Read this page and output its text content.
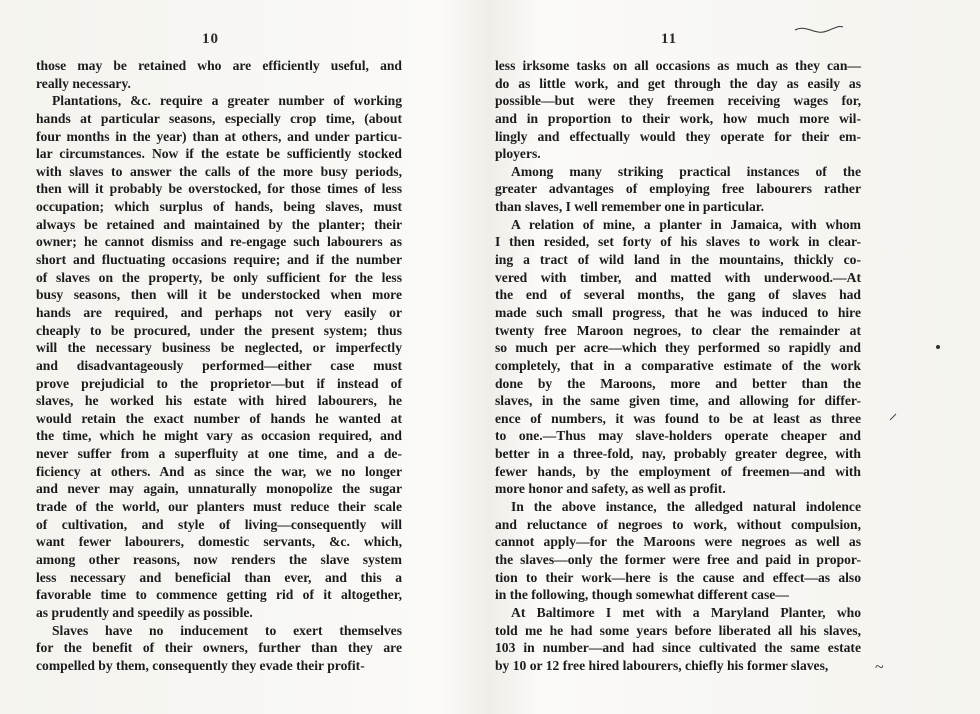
10
those may be retained who are efficiently useful, and
really necessary.
Plantations, &c. require a greater number of working
hands at particular seasons, especially crop time, (about
four months in the year) than at others, and under particu-
lar circumstances. Now if the estate be sufficiently stocked
with slaves to answer the calls of the more busy periods,
then will it probably be overstocked, for those times of less
occupation; which surplus of hands, being slaves, must
always be retained and maintained by the planter; their
owner; he cannot dismiss and re-engage such labourers as
short and fluctuating occasions require; and if the number
of slaves on the property, be only sufficient for the less
busy seasons, then will it be understocked when more
hands are required, and perhaps not very easily or
cheaply to be procured, under the present system; thus
will the necessary business be neglected, or imperfectly
and disadvantageously performed—either case must
prove prejudicial to the proprietor—but if instead of
slaves, he worked his estate with hired labourers, he
would retain the exact number of hands he wanted at
the time, which he might vary as occasion required, and
never suffer from a superfluity at one time, and a de-
ficiency at others. And as since the war, we no longer
and never may again, unnaturally monopolize the sugar
trade of the world, our planters must reduce their scale
of cultivation, and style of living—consequently will
want fewer labourers, domestic servants, &c. which,
among other reasons, now renders the slave system
less necessary and beneficial than ever, and this a
favorable time to commence getting rid of it altogether,
as prudently and speedily as possible.
Slaves have no inducement to exert themselves
for the benefit of their owners, further than they are
compelled by them, consequently they evade their profit-
11
less irksome tasks on all occasions as much as they can—
do as little work, and get through the day as easily as
possible—but were they freemen receiving wages for,
and in proportion to their work, how much more wil-
lingly and effectually would they operate for their em-
ployers.
Among many striking practical instances of the
greater advantages of employing free labourers rather
than slaves, I well remember one in particular.
A relation of mine, a planter in Jamaica, with whom
I then resided, set forty of his slaves to work in clear-
ing a tract of wild land in the mountains, thickly co-
vered with timber, and matted with underwood.—At
the end of several months, the gang of slaves had
made such small progress, that he was induced to hire
twenty free Maroon negroes, to clear the remainder at
so much per acre—which they performed so rapidly and
completely, that in a comparative estimate of the work
done by the Maroons, more and better than the
slaves, in the same given time, and allowing for differ-
ence of numbers, it was found to be at least as three
to one.—Thus may slave-holders operate cheaper and
better in a three-fold, nay, probably greater degree, with
fewer hands, by the employment of freemen—and with
more honor and safety, as well as profit.
In the above instance, the alledged natural indolence
and reluctance of negroes to work, without compulsion,
cannot apply—for the Maroons were negroes as well as
the slaves—only the former were free and paid in propor-
tion to their work—here is the cause and effect—as also
in the following, though somewhat different case—
At Baltimore I met with a Maryland Planter, who
told me he had some years before liberated all his slaves,
103 in number—and had since cultivated the same estate
by 10 or 12 free hired labourers, chiefly his former slaves,	~
